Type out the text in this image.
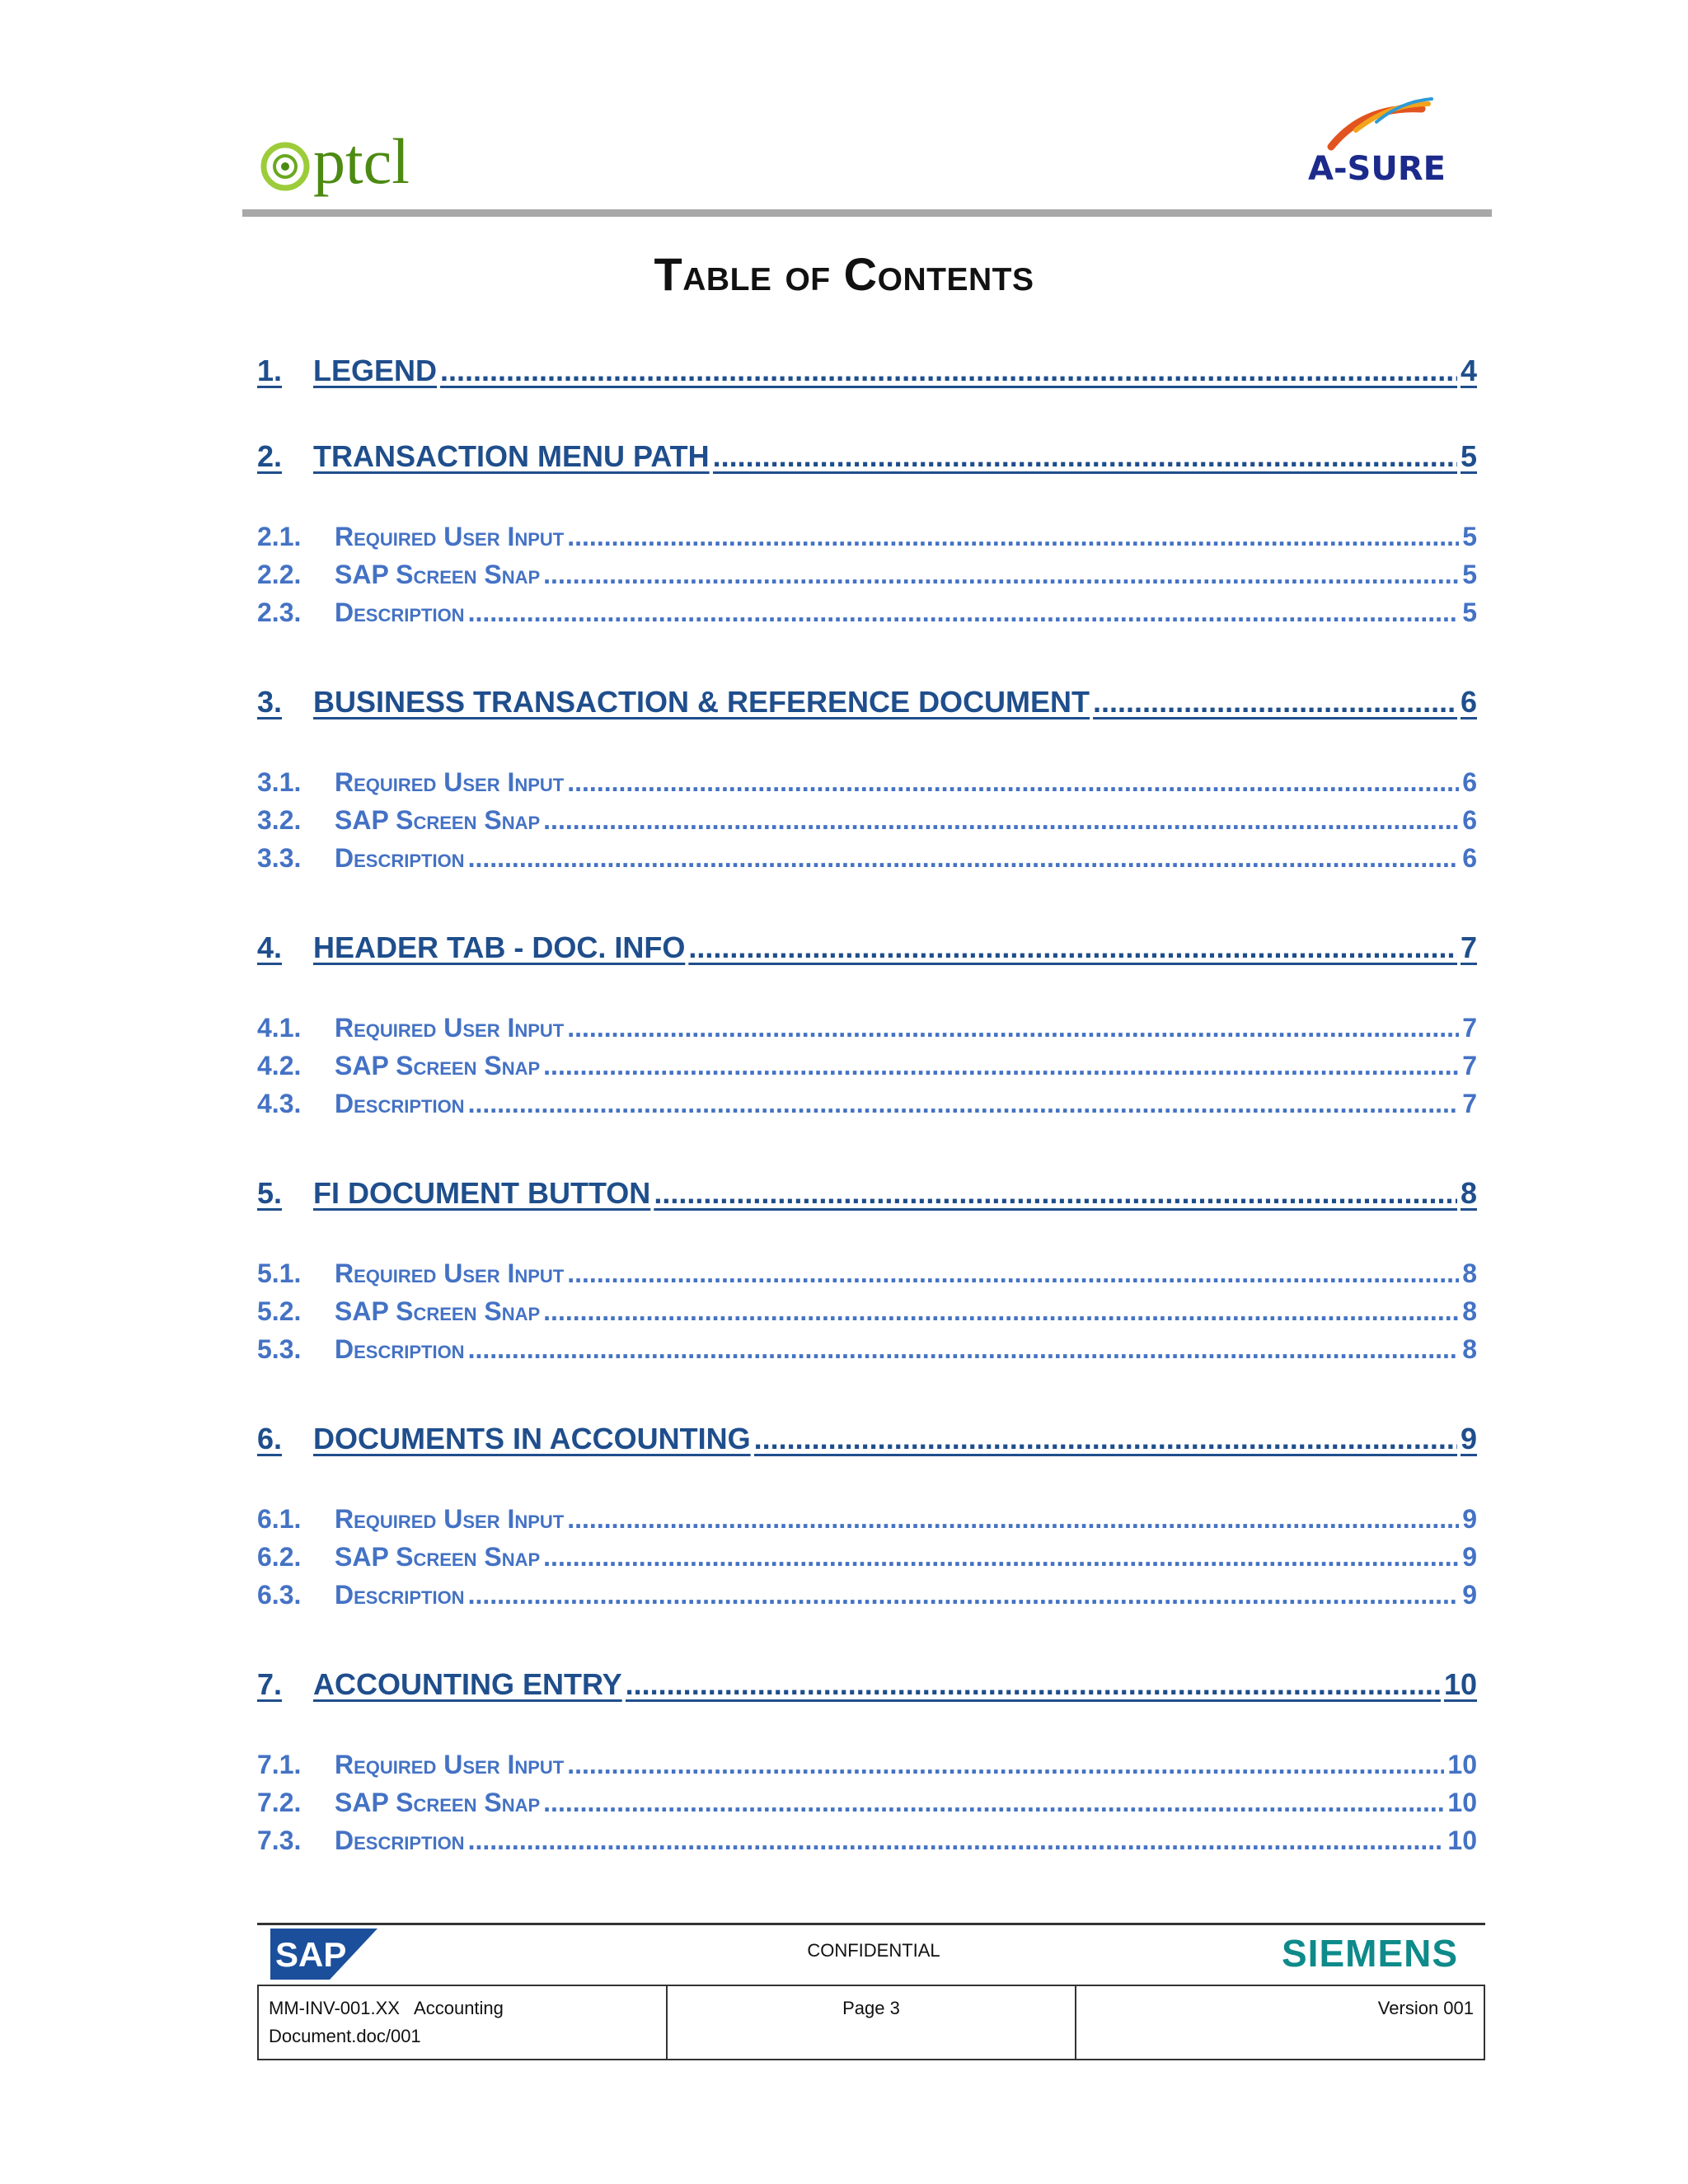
ptcl	A-SURE
Table of Contents
1.	LEGEND .....	4
2.	TRANSACTION MENU PATH .....	5
2.1.	Required User Input .....	5
2.2.	SAP Screen Snap .....	5
2.3.	Description .....	5
3.	BUSINESS TRANSACTION & REFERENCE DOCUMENT .....	6
3.1.	Required User Input .....	6
3.2.	SAP Screen Snap .....	6
3.3.	Description .....	6
4.	HEADER TAB - DOC. INFO .....	7
4.1.	Required User Input .....	7
4.2.	SAP Screen Snap .....	7
4.3.	Description .....	7
5.	FI DOCUMENT BUTTON .....	8
5.1.	Required User Input .....	8
5.2.	SAP Screen Snap .....	8
5.3.	Description .....	8
6.	DOCUMENTS IN ACCOUNTING .....	9
6.1.	Required User Input .....	9
6.2.	SAP Screen Snap .....	9
6.3.	Description .....	9
7.	ACCOUNTING ENTRY .....	10
7.1.	Required User Input .....	10
7.2.	SAP Screen Snap .....	10
7.3.	Description .....	10
SAP	CONFIDENTIAL	SIEMENS
MM-INV-001.XX   Accounting
Document.doc/001
Page 3	Version 001
